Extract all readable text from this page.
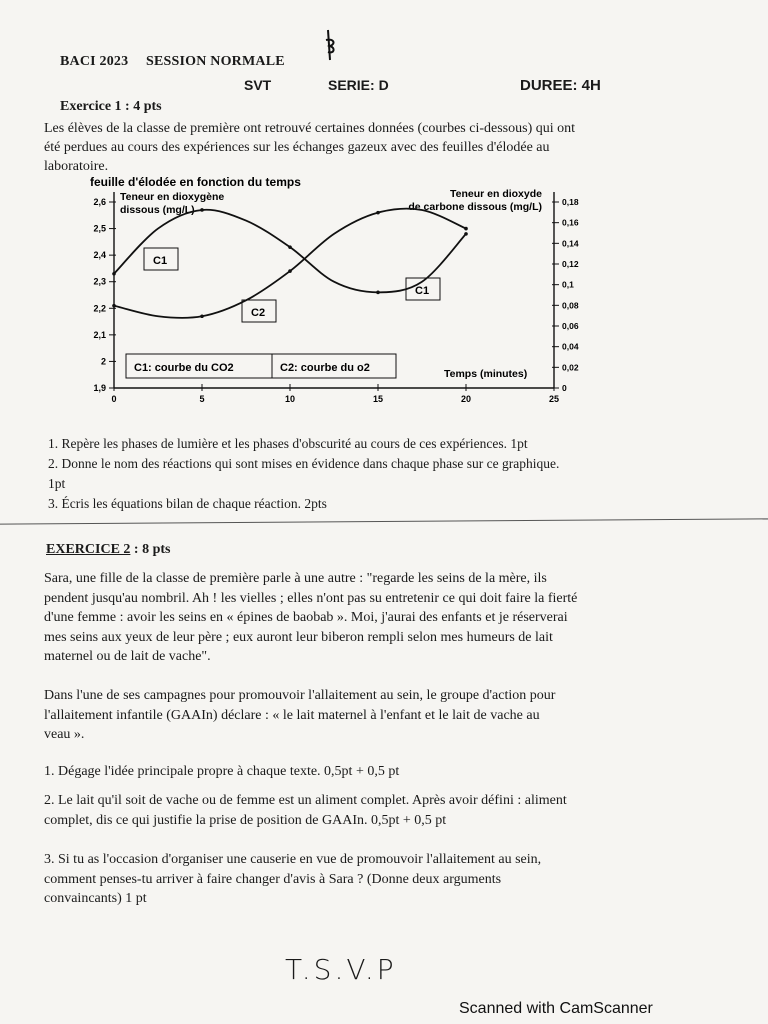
BACI 2023 SESSION NORMALE
SVT	SERIE: D	DUREE: 4H
Exercice 1 : 4 pts
Les élèves de la classe de première ont retrouvé certaines données (courbes ci-dessous) qui ont
été perdues au cours des expériences sur les échanges gazeux avec des feuilles d'élodée au
laboratoire.
feuille d'élodée en fonction du temps
Teneur en dioxygène
dissous (mg/L)
Teneur en dioxyde
de carbone dissous (mg/L)
0	5	10	15	20	25
1,9
2
2,1
2,2
2,3
2,4
2,5
2,6
0
0,02
0,04
0,06
0,08
0,1
0,12
0,14
0,16
0,18
C1
C2
C1
C1: courbe du CO2	C2: courbe du o2	Temps (minutes)
1. Repère les phases de lumière et les phases d'obscurité au cours de ces expériences. 1pt
2. Donne le nom des réactions qui sont mises en évidence dans chaque phase sur ce graphique.
1pt
3. Écris les équations bilan de chaque réaction. 2pts
EXERCICE 2 : 8 pts
Sara, une fille de la classe de première parle à une autre : "regarde les seins de la mère, ils
pendent jusqu'au nombril. Ah ! les vielles ; elles n'ont pas su entretenir ce qui doit faire la fierté
d'une femme : avoir les seins en « épines de baobab ». Moi, j'aurai des enfants et je réserverai
mes seins aux yeux de leur père ; eux auront leur biberon rempli selon mes humeurs de lait
maternel ou de lait de vache".
Dans l'une de ses campagnes pour promouvoir l'allaitement au sein, le groupe d'action pour
l'allaitement infantile (GAAIn) déclare : « le lait maternel à l'enfant et le lait de vache au
veau ».
1. Dégage l'idée principale propre à chaque texte. 0,5pt + 0,5 pt
2. Le lait qu'il soit de vache ou de femme est un aliment complet. Après avoir défini : aliment
complet, dis ce qui justifie la prise de position de GAAIn. 0,5pt + 0,5 pt
3. Si tu as l'occasion d'organiser une causerie en vue de promouvoir l'allaitement au sein,
comment penses-tu arriver à faire changer d'avis à Sara ? (Donne deux arguments
convaincants) 1 pt
T.S.V.P
Scanned with CamScanner
